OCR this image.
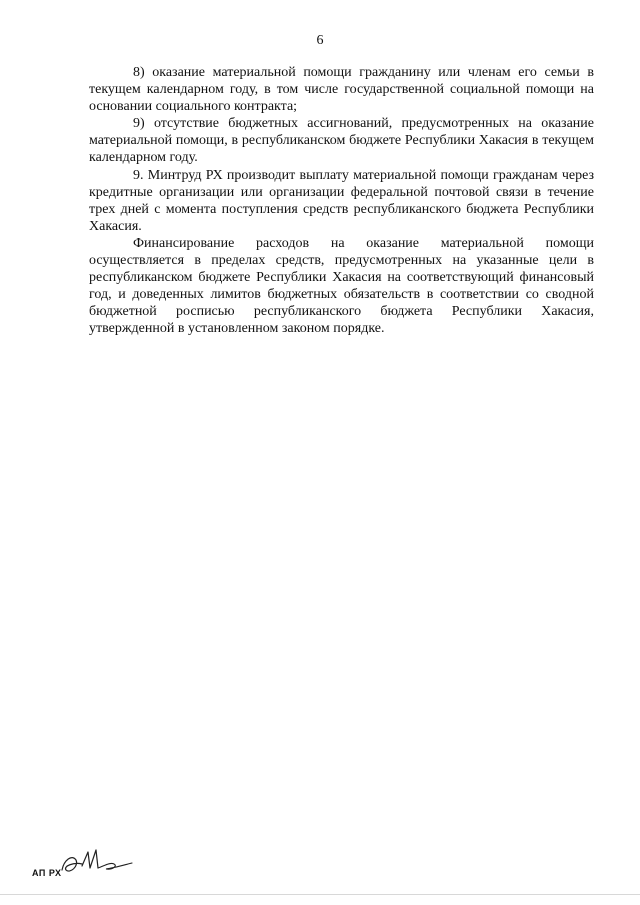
6

8) оказание материальной помощи гражданину или членам его семьи в текущем календарном году, в том числе государственной социальной помощи на основании социального контракта;

9) отсутствие бюджетных ассигнований, предусмотренных на оказание материальной помощи, в республиканском бюджете Республики Хакасия в текущем календарном году.

9. Минтруд РХ производит выплату материальной помощи гражданам через кредитные организации или организации федеральной почтовой связи в течение трех дней с момента поступления средств республиканского бюджета Республики Хакасия.

Финансирование расходов на оказание материальной помощи осуществляется в пределах средств, предусмотренных на указанные цели в республиканском бюджете Республики Хакасия на соответствующий финансовый год, и доведенных лимитов бюджетных обязательств в соответствии со сводной бюджетной росписью республиканского бюджета Республики Хакасия, утвержденной в установленном законом порядке.

АП РХ
